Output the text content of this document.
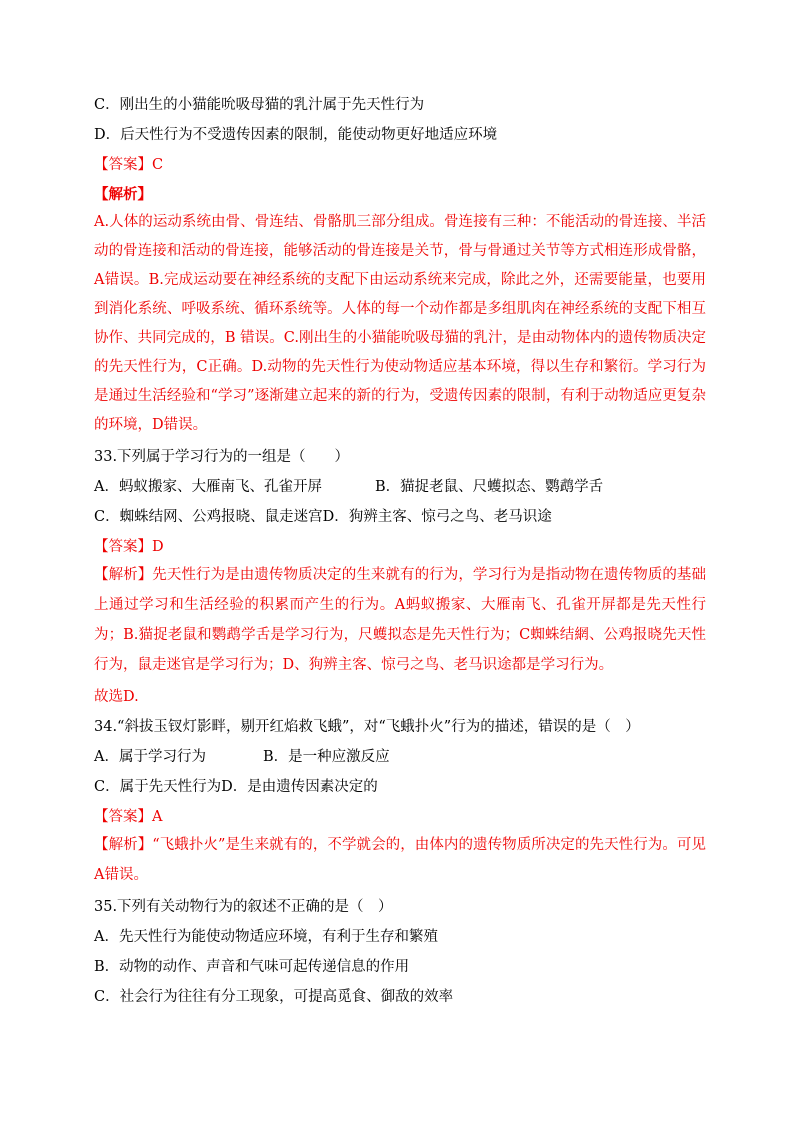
C．刚出生的小猫能吮吸母猫的乳汁属于先天性行为
D．后天性行为不受遗传因素的限制，能使动物更好地适应环境
【答案】C
【解析】
A.人体的运动系统由骨、骨连结、骨骼肌三部分组成。骨连接有三种：不能活动的骨连接、半活动的骨连接和活动的骨连接，能够活动的骨连接是关节，骨与骨通过关节等方式相连形成骨骼，A错误。B.完成运动要在神经系统的支配下由运动系统来完成，除此之外，还需要能量，也要用到消化系统、呼吸系统、循环系统等。人体的每一个动作都是多组肌肉在神经系统的支配下相互协作、共同完成的，B 错误。C.刚出生的小猫能吮吸母猫的乳汁，是由动物体内的遗传物质决定的先天性行为，C正确。D.动物的先天性行为使动物适应基本环境，得以生存和繁衍。学习行为是通过生活经验和“学习”逐渐建立起来的新的行为，受遗传因素的限制，有利于动物适应更复杂的环境，D错误。
33.下列属于学习行为的一组是（　　）
A．蚂蚁搬家、大雁南飞、孔雀开屏	B．猫捉老鼠、尺蠖拟态、鹦鹉学舌
C．蜘蛛结网、公鸡报晓、鼠走迷宫D．狗辨主客、惊弓之鸟、老马识途
【答案】D
【解析】先天性行为是由遗传物质决定的生来就有的行为，学习行为是指动物在遗传物质的基础上通过学习和生活经验的积累而产生的行为。A蚂蚁搬家、大雁南飞、孔雀开屏都是先天性行为；B.猫捉老鼠和鹦鹉学舌是学习行为，尺蠖拟态是先天性行为；C蜘蛛结網、公鸡报晓先天性行为，鼠走迷官是学习行为；D、狗辨主客、惊弓之鸟、老马识途都是学习行为。
故选D.
34.“斜拔玉钗灯影畔，剔开红焰救飞蛾”，对“飞蛾扑火”行为的描述，错误的是（　）
A．属于学习行为	B．是一种应激反应
C．属于先天性行为D．是由遗传因素决定的
【答案】A
【解析】“飞蛾扑火”是生来就有的，不学就会的，由体内的遗传物质所决定的先天性行为。可见A错误。
35.下列有关动物行为的叙述不正确的是（　）
A．先天性行为能使动物适应环境，有利于生存和繁殖
B．动物的动作、声音和气味可起传递信息的作用
C．社会行为往往有分工现象，可提高觅食、御敌的效率
